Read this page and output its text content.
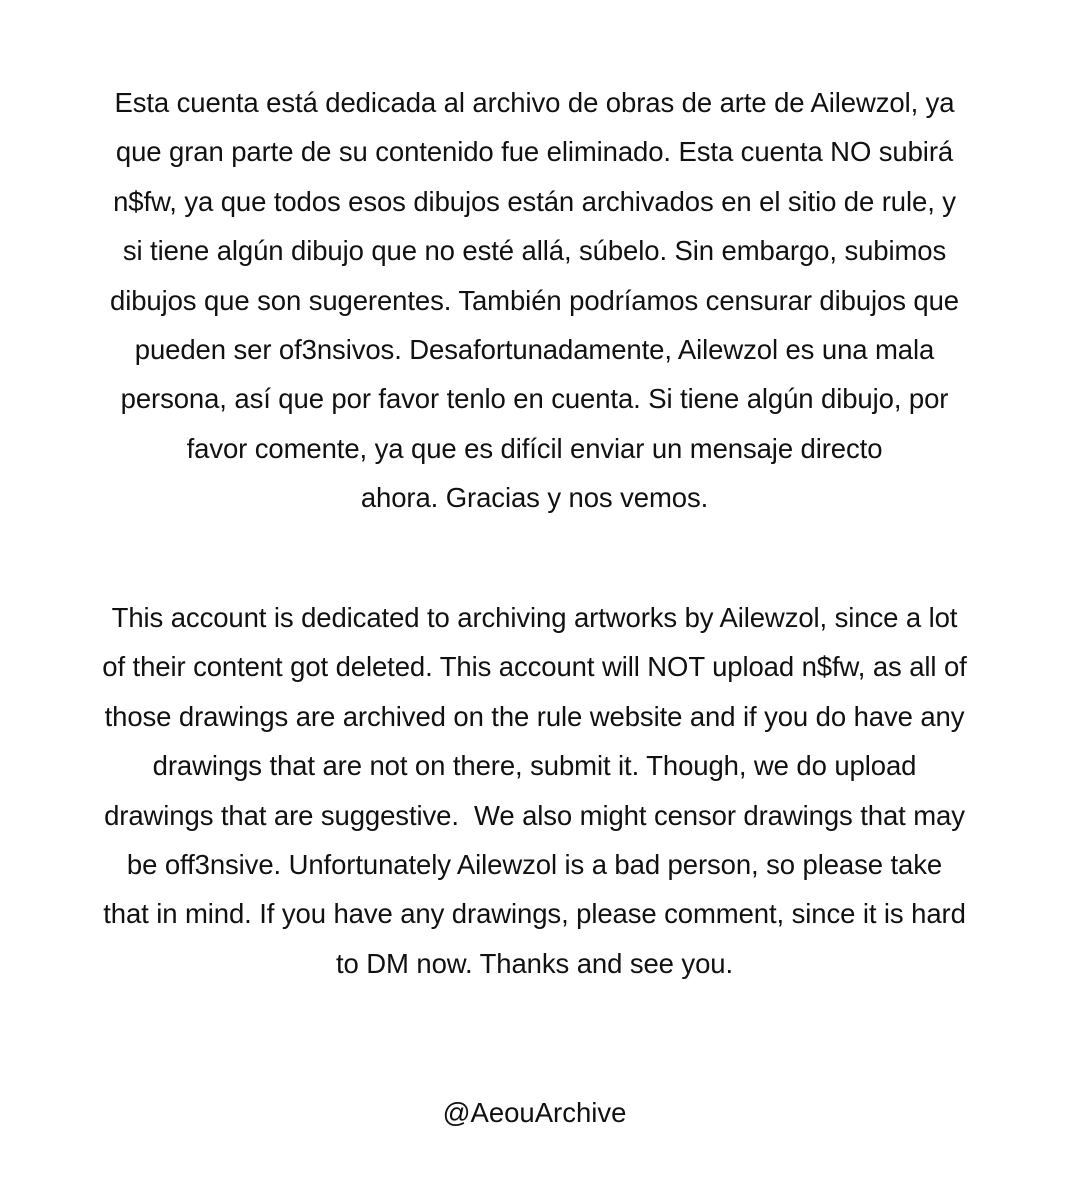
Esta cuenta está dedicada al archivo de obras de arte de Ailewzol, ya
que gran parte de su contenido fue eliminado. Esta cuenta NO subirá
n$fw, ya que todos esos dibujos están archivados en el sitio de rule, y
si tiene algún dibujo que no esté allá, súbelo. Sin embargo, subimos
dibujos que son sugerentes. También podríamos censurar dibujos que
pueden ser of3nsivos. Desafortunadamente, Ailewzol es una mala
persona, así que por favor tenlo en cuenta. Si tiene algún dibujo, por
favor comente, ya que es difícil enviar un mensaje directo
ahora. Gracias y nos vemos.
This account is dedicated to archiving artworks by Ailewzol, since a lot
of their content got deleted. This account will NOT upload n$fw, as all of
those drawings are archived on the rule website and if you do have any
drawings that are not on there, submit it. Though, we do upload
drawings that are suggestive.  We also might censor drawings that may
be off3nsive. Unfortunately Ailewzol is a bad person, so please take
that in mind. If you have any drawings, please comment, since it is hard
to DM now. Thanks and see you.
@AeouArchive
